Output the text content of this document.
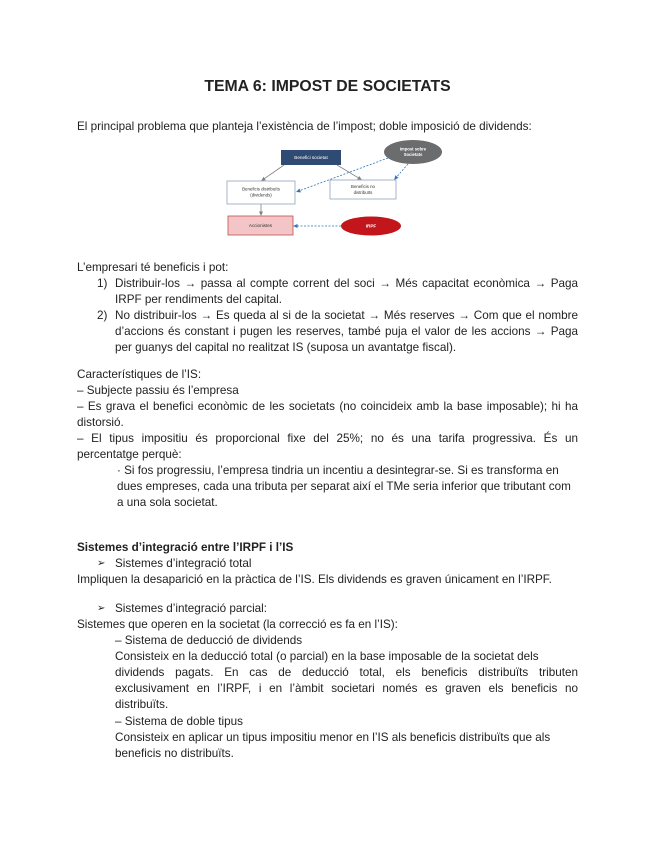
TEMA 6: IMPOST DE SOCIETATS
El principal problema que planteja l’existència de l’impost; doble imposició de dividends:
Benefici societat
Impost sobre
Societats
Beneficis distribuïts
(dividends)
Beneficis no
distribuïts
Accionistes	IRPF
L’empresari té beneficis i pot:
1) Distribuir-los → passa al compte corrent del soci → Més capacitat econòmica → Paga
IRPF per rendiments del capital.
2) No distribuir-los → Es queda al si de la societat → Més reserves → Com que el nombre
d’accions és constant i pugen les reserves, també puja el valor de les accions → Paga
per guanys del capital no realitzat IS (suposa un avantatge fiscal).
Característiques de l’IS:
– Subjecte passiu és l’empresa
– Es grava el benefici econòmic de les societats (no coincideix amb la base imposable); hi ha
distorsió.
– El tipus impositiu és proporcional fixe del 25%; no és una tarifa progressiva. És un
percentatge perquè:
· Si fos progressiu, l’empresa tindria un incentiu a desintegrar-se. Si es transforma en
dues empreses, cada una tributa per separat així el TMe seria inferior que tributant com
a una sola societat.
Sistemes d’integració entre l’IRPF i l’IS
➢ Sistemes d’integració total
Impliquen la desaparició en la pràctica de l’IS. Els dividends es graven únicament en l’IRPF.
➢ Sistemes d’integració parcial:
Sistemes que operen en la societat (la correcció es fa en l’IS):
– Sistema de deducció de dividends
Consisteix en la deducció total (o parcial) en la base imposable de la societat dels
dividends pagats. En cas de deducció total, els beneficis distribuïts tributen
exclusivament en l’IRPF, i en l’àmbit societari només es graven els beneficis no
distribuïts.
– Sistema de doble tipus
Consisteix en aplicar un tipus impositiu menor en l’IS als beneficis distribuïts que als
beneficis no distribuïts.
